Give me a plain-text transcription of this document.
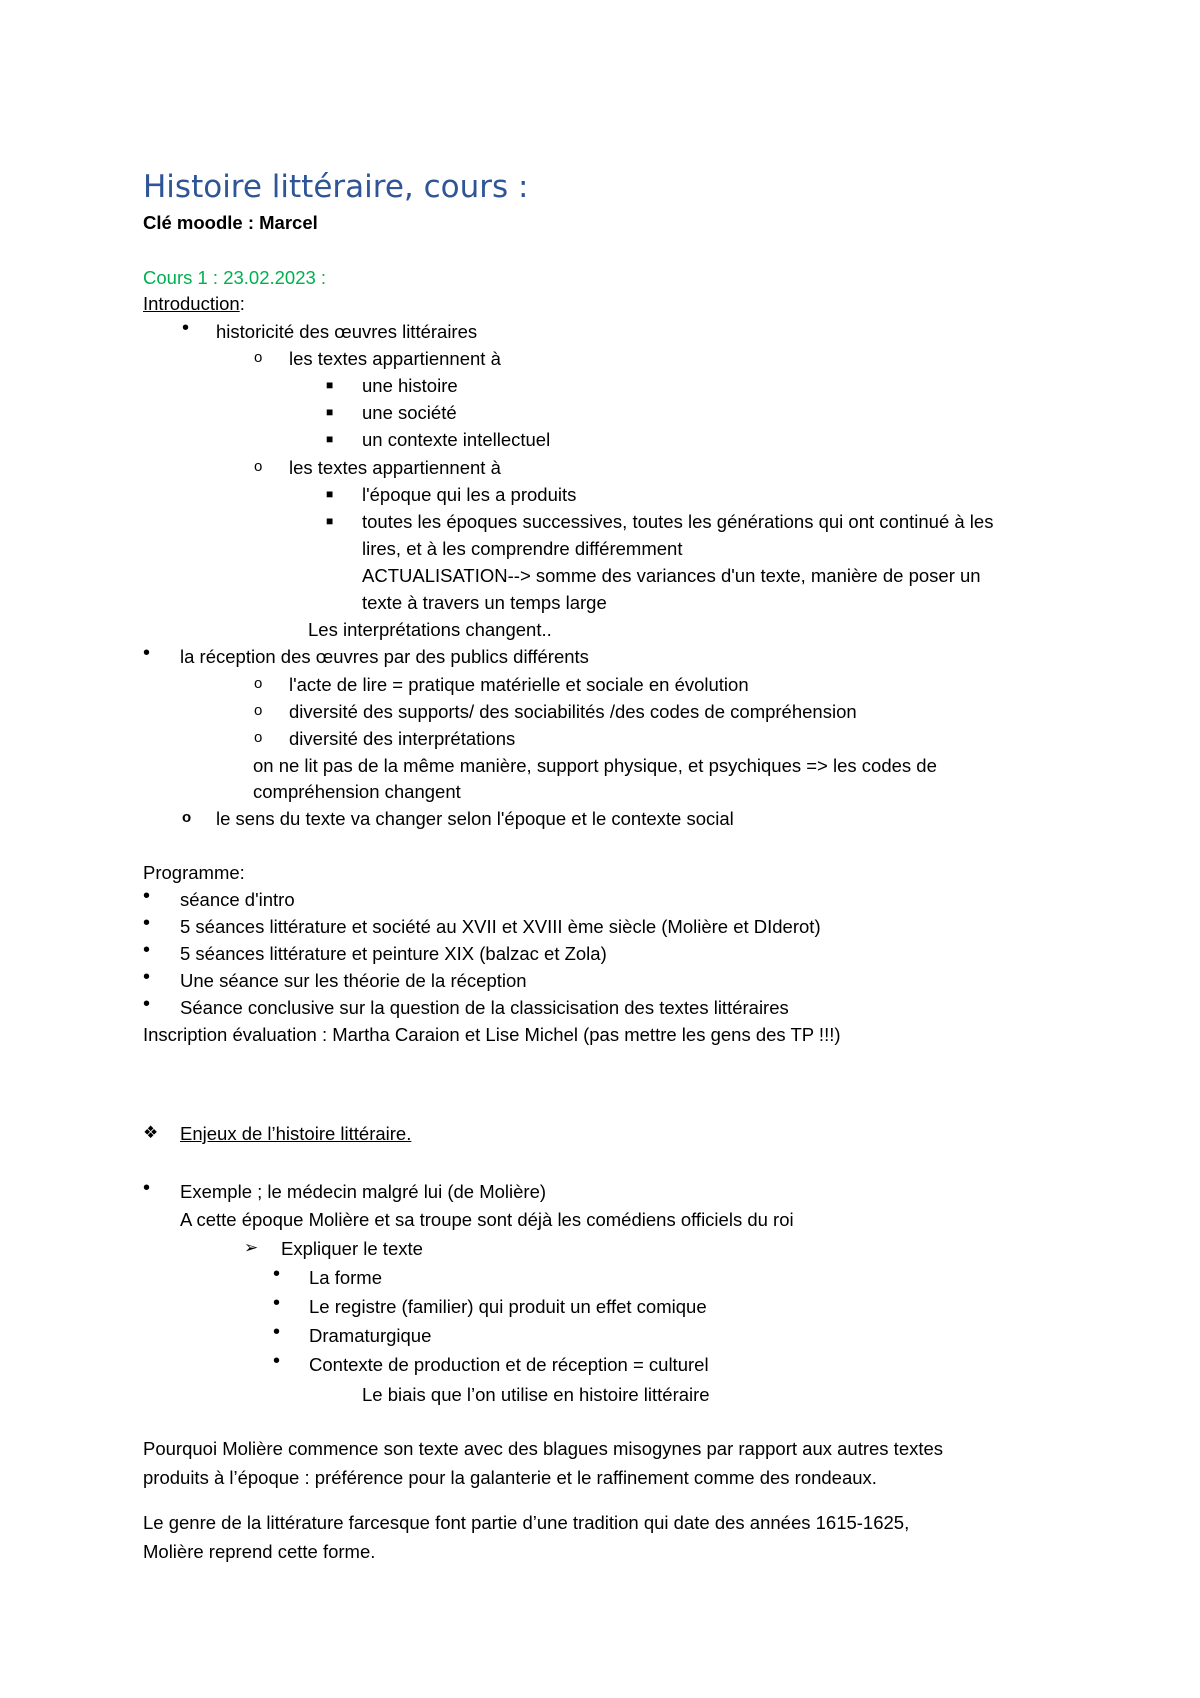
Histoire littéraire, cours :
Clé moodle : Marcel
Cours 1 : 23.02.2023 :
Introduction:
• historicité des œuvres littéraires
o les textes appartiennent à
■ une histoire
■ une société
■ un contexte intellectuel
o les textes appartiennent à
■ l'époque qui les a produits
■ toutes les époques successives, toutes les générations qui ont continué à les
lires, et à les comprendre différemment
ACTUALISATION--> somme des variances d'un texte, manière de poser un
texte à travers un temps large
Les interprétations changent..
• la réception des œuvres par des publics différents
o l'acte de lire = pratique matérielle et sociale en évolution
o diversité des supports/ des sociabilités /des codes de compréhension
o diversité des interprétations
on ne lit pas de la même manière, support physique, et psychiques => les codes de
compréhension changent
o le sens du texte va changer selon l'époque et le contexte social
Programme:
• séance d'intro
• 5 séances littérature et société au XVII et XVIII ème siècle (Molière et DIderot)
• 5 séances littérature et peinture XIX (balzac et Zola)
• Une séance sur les théorie de la réception
• Séance conclusive sur la question de la classicisation des textes littéraires
Inscription évaluation : Martha Caraion et Lise Michel (pas mettre les gens des TP !!!)
❖ Enjeux de l’histoire littéraire.
• Exemple ; le médecin malgré lui (de Molière)
A cette époque Molière et sa troupe sont déjà les comédiens officiels du roi
➢ Expliquer le texte
• La forme
• Le registre (familier) qui produit un effet comique
• Dramaturgique
• Contexte de production et de réception = culturel
Le biais que l’on utilise en histoire littéraire
Pourquoi Molière commence son texte avec des blagues misogynes par rapport aux autres textes
produits à l’époque : préférence pour la galanterie et le raffinement comme des rondeaux.
Le genre de la littérature farcesque font partie d’une tradition qui date des années 1615-1625,
Molière reprend cette forme.
